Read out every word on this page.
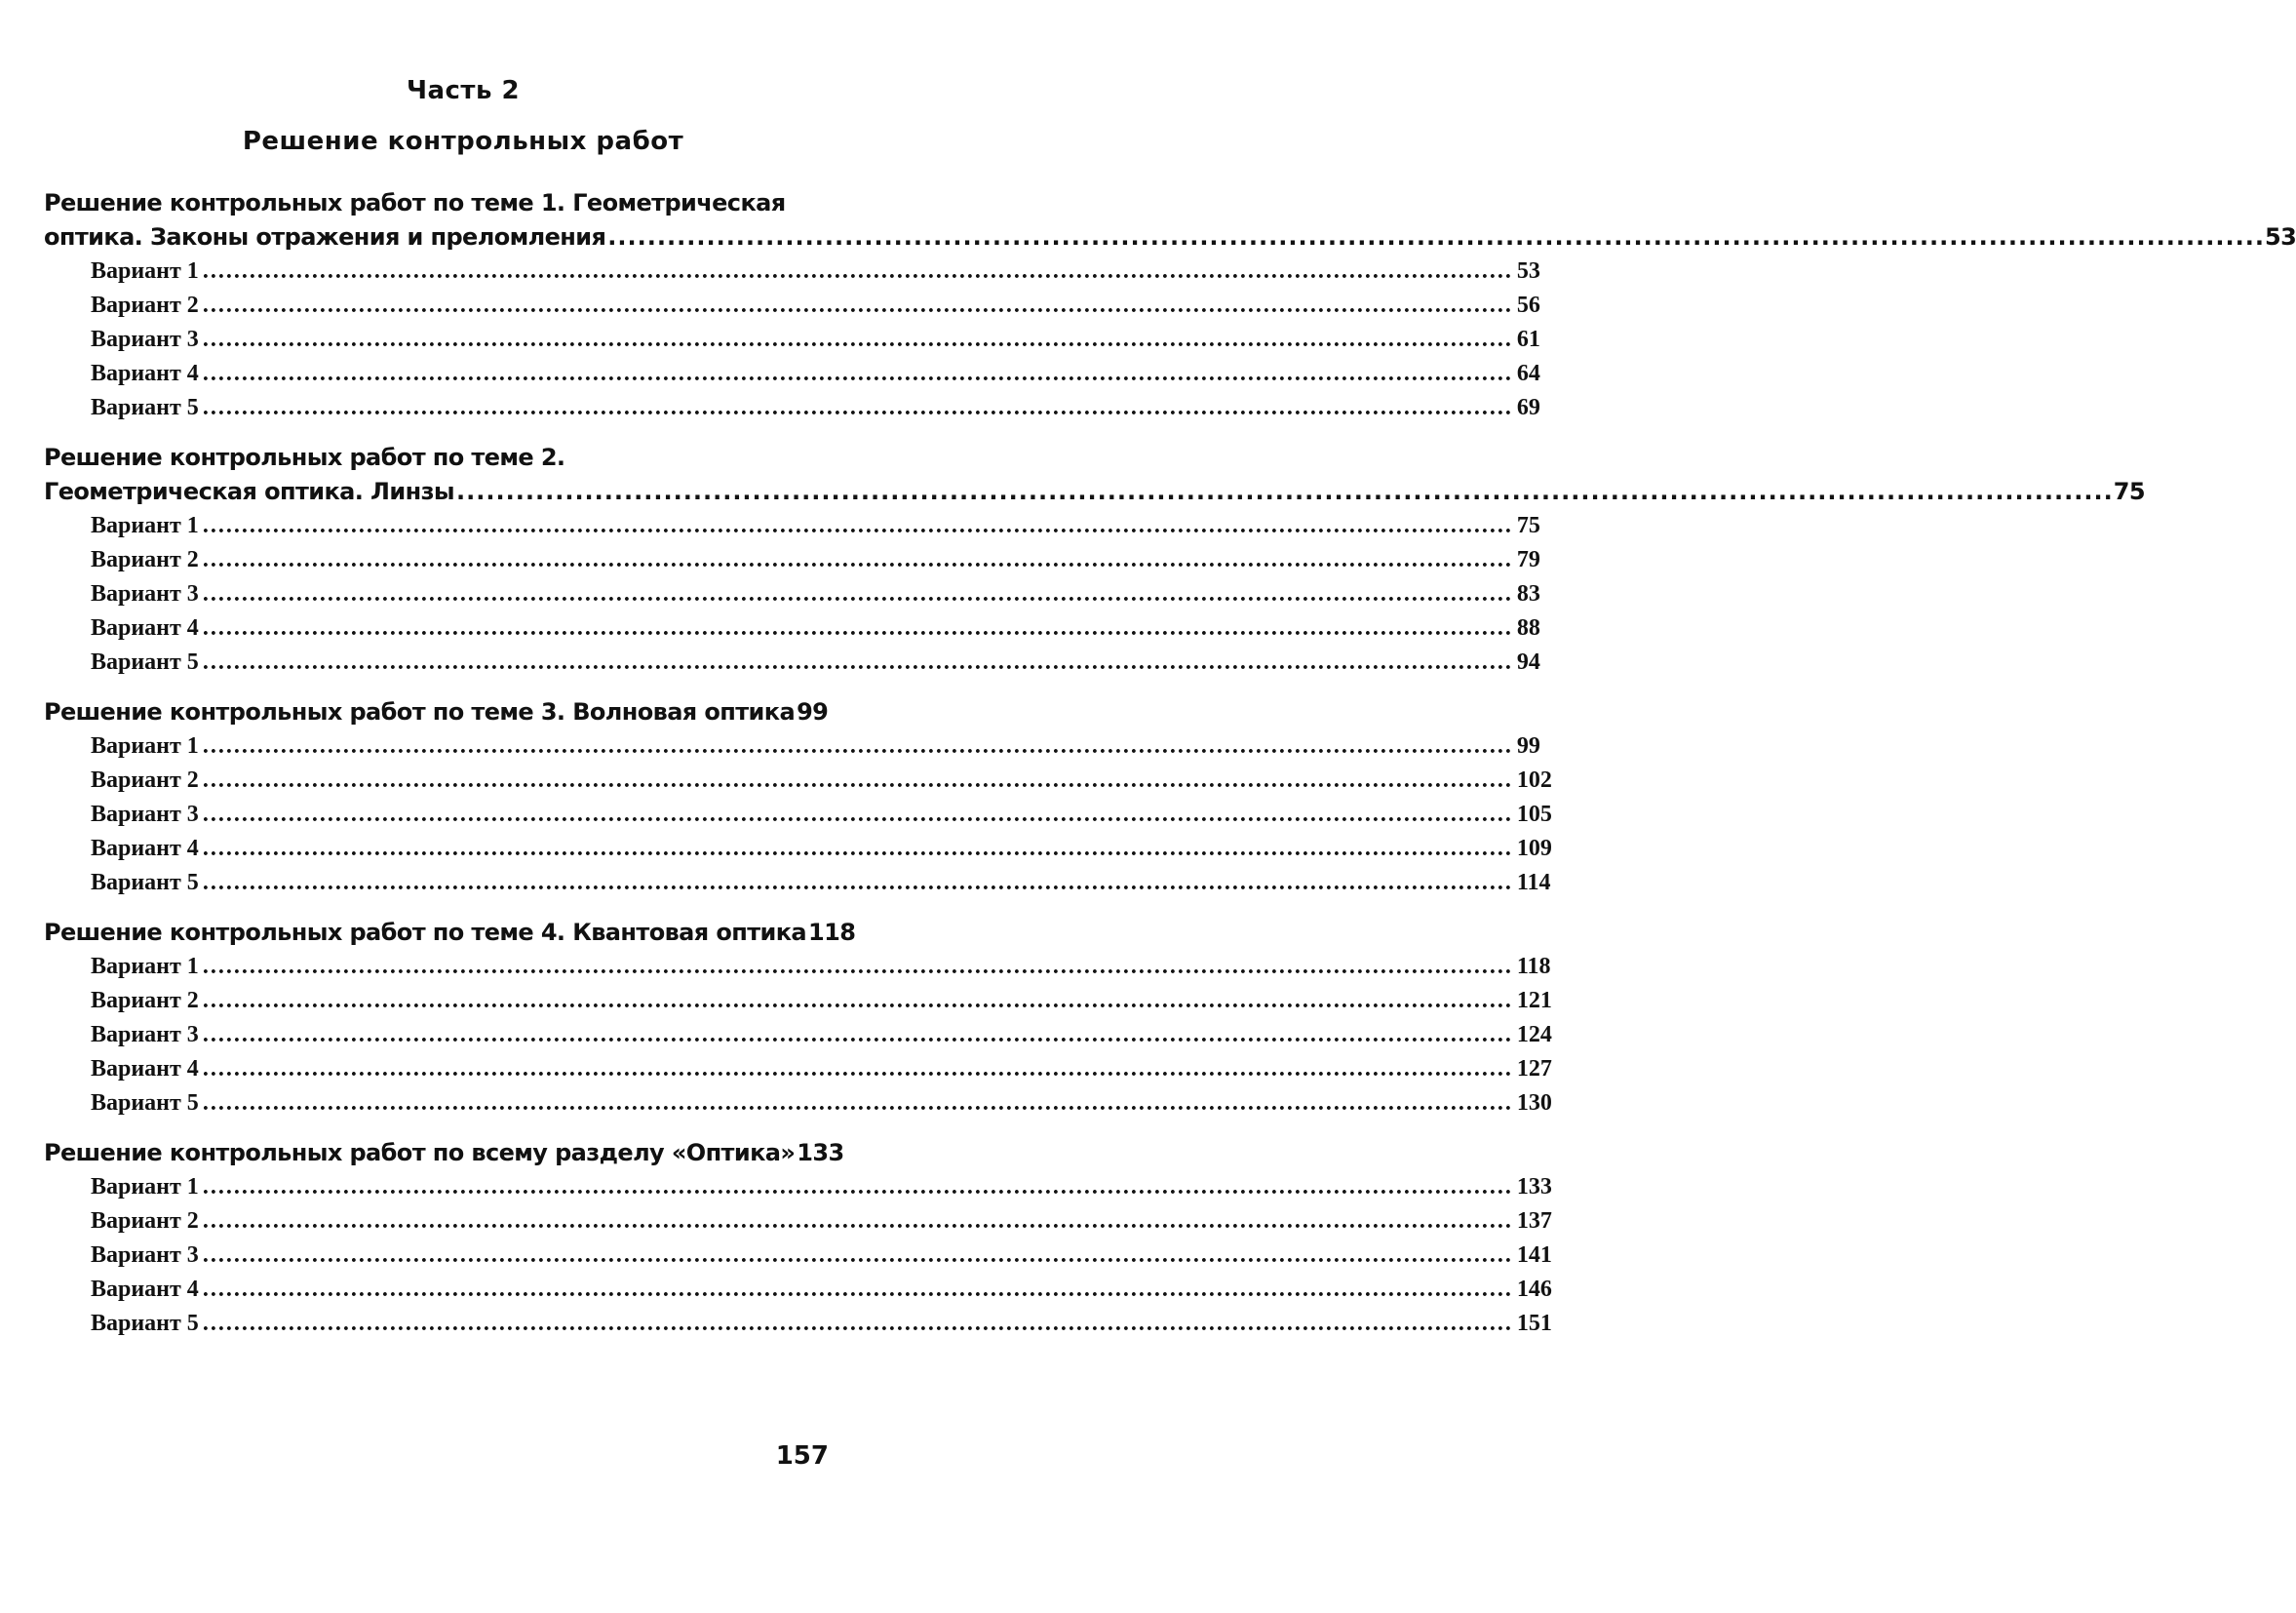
Часть 2
Решение контрольных работ
Решение контрольных работ по теме 1. Геометрическая
оптика. Законы отражения и преломления ........................................................................................................................................................................ 53
Вариант 1 ........................................................................................................................................................................ 53
Вариант 2 ........................................................................................................................................................................ 56
Вариант 3 ........................................................................................................................................................................ 61
Вариант 4 ........................................................................................................................................................................ 64
Вариант 5 ........................................................................................................................................................................ 69
Решение контрольных работ по теме 2.
Геометрическая оптика. Линзы ........................................................................................................................................................................ 75
Вариант 1 ........................................................................................................................................................................ 75
Вариант 2 ........................................................................................................................................................................ 79
Вариант 3 ........................................................................................................................................................................ 83
Вариант 4 ........................................................................................................................................................................ 88
Вариант 5 ........................................................................................................................................................................ 94
Решение контрольных работ по теме 3. Волновая оптика 99
Вариант 1 ........................................................................................................................................................................ 99
Вариант 2 ........................................................................................................................................................................ 102
Вариант 3 ........................................................................................................................................................................ 105
Вариант 4 ........................................................................................................................................................................ 109
Вариант 5 ........................................................................................................................................................................ 114
Решение контрольных работ по теме 4. Квантовая оптика 118
Вариант 1 ........................................................................................................................................................................ 118
Вариант 2 ........................................................................................................................................................................ 121
Вариант 3 ........................................................................................................................................................................ 124
Вариант 4 ........................................................................................................................................................................ 127
Вариант 5 ........................................................................................................................................................................ 130
Решение контрольных работ по всему разделу «Оптика» 133
Вариант 1 ........................................................................................................................................................................ 133
Вариант 2 ........................................................................................................................................................................ 137
Вариант 3 ........................................................................................................................................................................ 141
Вариант 4 ........................................................................................................................................................................ 146
Вариант 5 ........................................................................................................................................................................ 151
157
